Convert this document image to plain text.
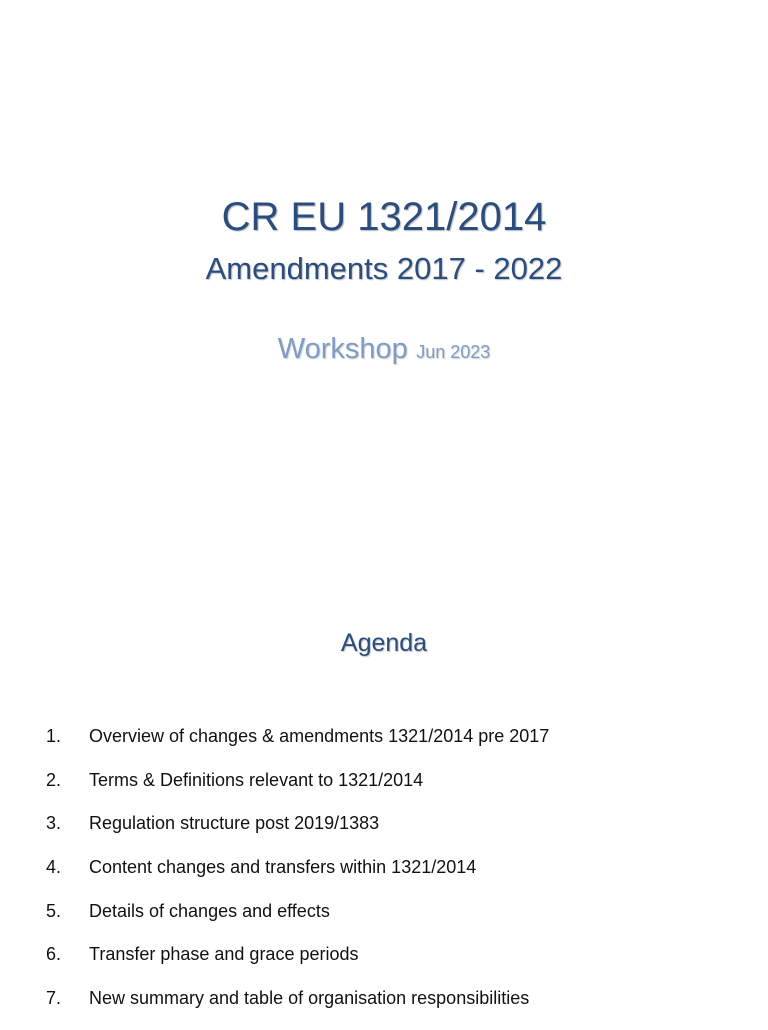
CR EU 1321/2014
Amendments 2017 - 2022
Workshop Jun 2023
Agenda
1. Overview of changes & amendments 1321/2014 pre 2017
2. Terms & Definitions relevant to 1321/2014
3. Regulation structure post 2019/1383
4. Content changes and transfers within 1321/2014
5. Details of changes and effects
6. Transfer phase and grace periods
7. New summary and table of organisation responsibilities
